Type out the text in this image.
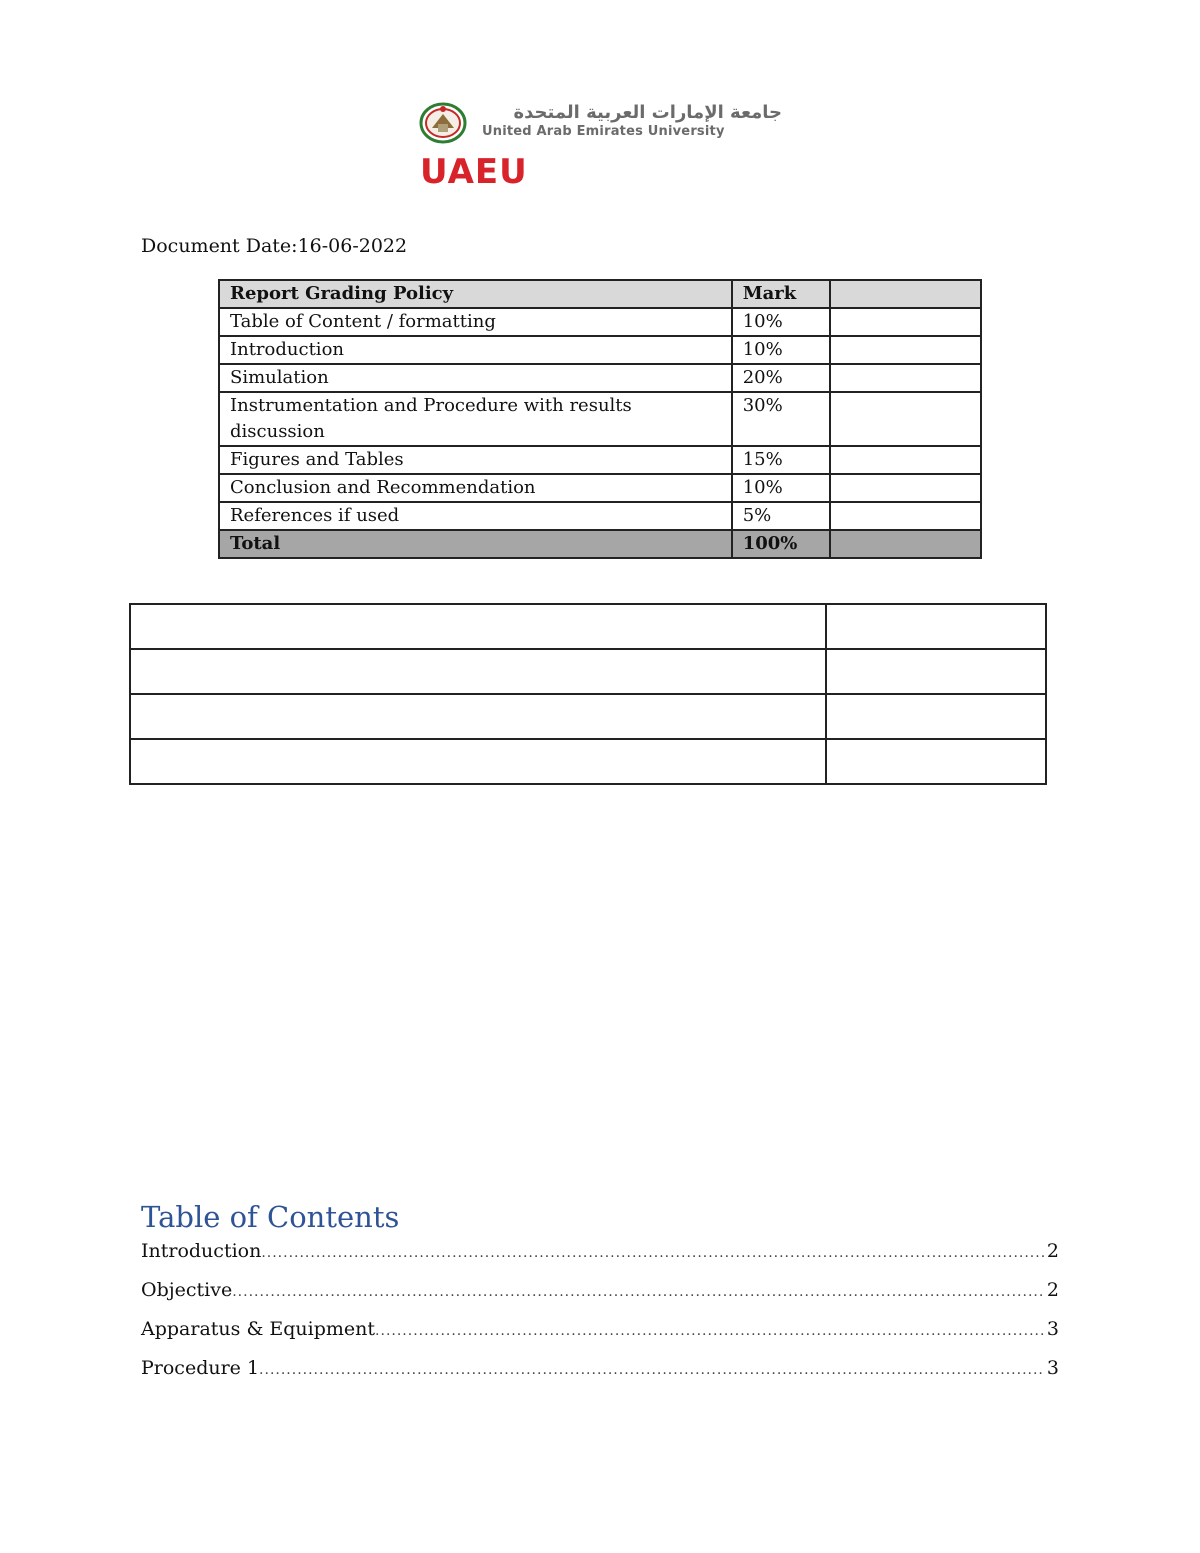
جامعة الإمارات العربية المتحدة
United Arab Emirates University
UAEU
Document Date:16-06-2022
Report Grading Policy	Mark	
Table of Content / formatting	10%	
Introduction	10%	
Simulation	20%	
Instrumentation and Procedure with results discussion	30%	
Figures and Tables	15%	
Conclusion and Recommendation	10%	
References if used	5%	
Total	100%	

Table of Contents
Introduction .....	2
Objective .....	2
Apparatus & Equipment .....	3
Procedure 1 .....	3
